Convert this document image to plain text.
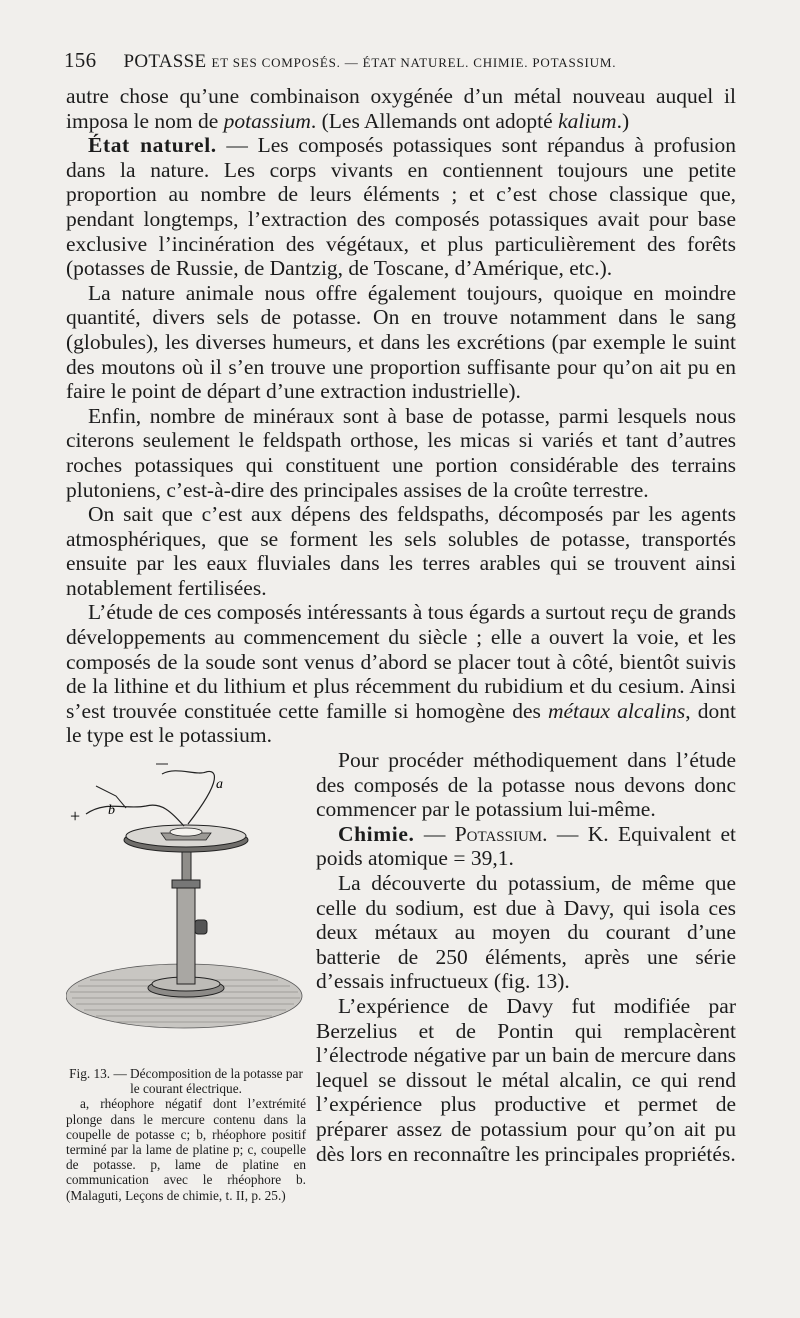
156 POTASSE ET SES COMPOSÉS. — ÉTAT NATUREL. CHIMIE. POTASSIUM.

autre chose qu’une combinaison oxygénée d’un métal nouveau auquel il imposa le nom de potassium. (Les Allemands ont adopté kalium.)

État naturel. — Les composés potassiques sont répandus à profusion dans la nature. Les corps vivants en contiennent toujours une petite proportion au nombre de leurs éléments ; et c’est chose classique que, pendant longtemps, l’extraction des composés potassiques avait pour base exclusive l’incinération des végétaux, et plus particulièrement des forêts (potasses de Russie, de Dantzig, de Toscane, d’Amérique, etc.).

La nature animale nous offre également toujours, quoique en moindre quantité, divers sels de potasse. On en trouve notamment dans le sang (globules), les diverses humeurs, et dans les excrétions (par exemple le suint des moutons où il s’en trouve une proportion suffisante pour qu’on ait pu en faire le point de départ d’une extraction industrielle).

Enfin, nombre de minéraux sont à base de potasse, parmi lesquels nous citerons seulement le feldspath orthose, les micas si variés et tant d’autres roches potassiques qui constituent une portion considérable des terrains plutoniens, c’est-à-dire des principales assises de la croûte terrestre.

On sait que c’est aux dépens des feldspaths, décomposés par les agents atmosphériques, que se forment les sels solubles de potasse, transportés ensuite par les eaux fluviales dans les terres arables qui se trouvent ainsi notablement fertilisées.

L’étude de ces composés intéressants à tous égards a surtout reçu de grands développements au commencement du siècle ; elle a ouvert la voie, et les composés de la soude sont venus d’abord se placer tout à côté, bientôt suivis de la lithine et du lithium et plus récemment du rubidium et du cesium. Ainsi s’est trouvée constituée cette famille si homogène des métaux alcalins, dont le type est le potassium.

a
b
+
Fig. 13. — Décomposition de la potasse par le courant électrique.
a, rhéophore négatif dont l’extrémité plonge dans le mercure contenu dans la coupelle de potasse c; b, rhéophore positif terminé par la lame de platine p; c, coupelle de potasse. p, lame de platine en communication avec le rhéophore b. (Malaguti, Leçons de chimie, t. II, p. 25.)

Pour procéder méthodiquement dans l’étude des composés de la potasse nous devons donc commencer par le potassium lui-même.

Chimie. — Potassium. — K. Equivalent et poids atomique = 39,1.

La découverte du potassium, de même que celle du sodium, est due à Davy, qui isola ces deux métaux au moyen du courant d’une batterie de 250 éléments, après une série d’essais infructueux (fig. 13).

L’expérience de Davy fut modifiée par Berzelius et de Pontin qui remplacèrent l’électrode négative par un bain de mercure dans lequel se dissout le métal alcalin, ce qui rend l’expérience plus productive et permet de préparer assez de potassium pour qu’on ait pu dès lors en reconnaître les principales propriétés.
